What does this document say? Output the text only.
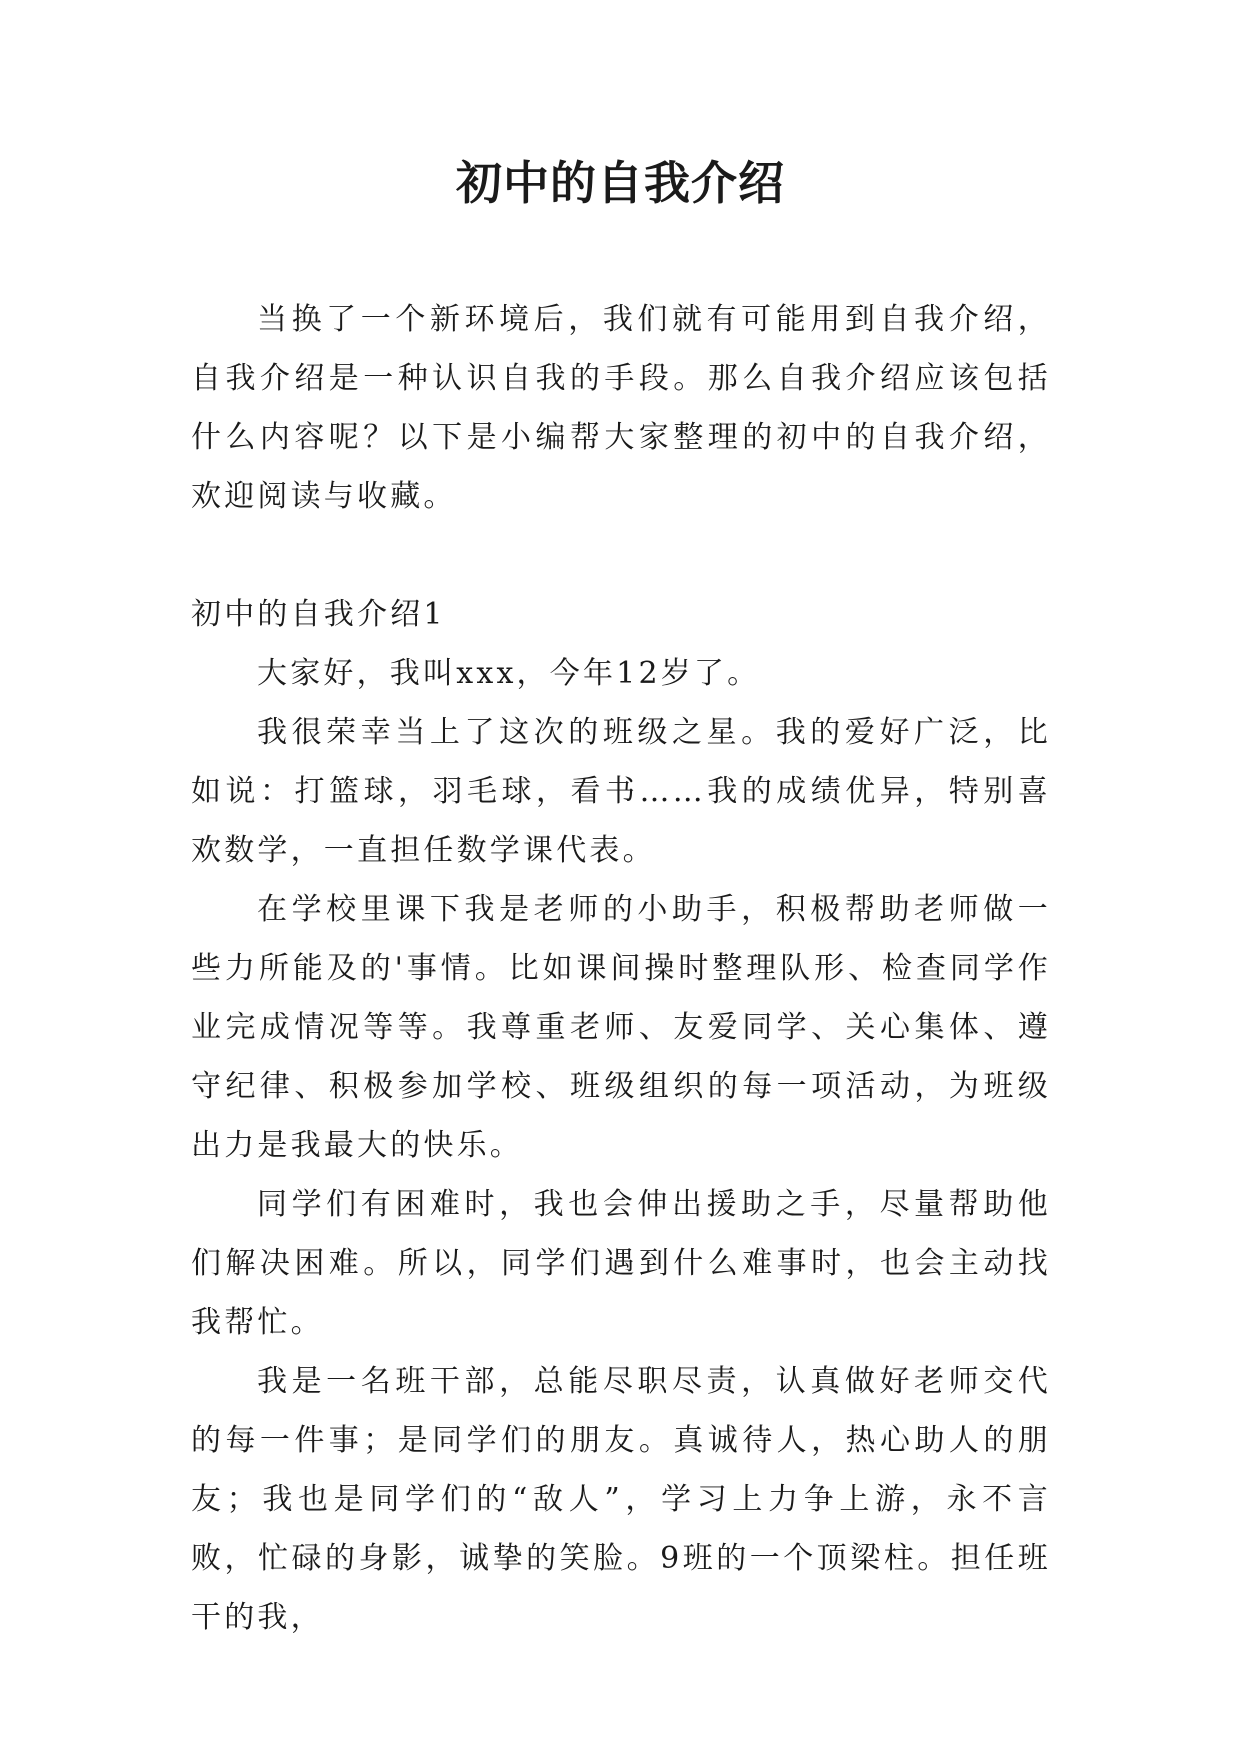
初中的自我介绍

当换了一个新环境后，我们就有可能用到自我介绍，自我介绍是一种认识自我的手段。那么自我介绍应该包括什么内容呢？以下是小编帮大家整理的初中的自我介绍，欢迎阅读与收藏。

初中的自我介绍1

大家好，我叫xxx，今年12岁了。

我很荣幸当上了这次的班级之星。我的爱好广泛，比如说：打篮球，羽毛球，看书……我的成绩优异，特别喜欢数学，一直担任数学课代表。

在学校里课下我是老师的小助手，积极帮助老师做一些力所能及的'事情。比如课间操时整理队形、检查同学作业完成情况等等。我尊重老师、友爱同学、关心集体、遵守纪律、积极参加学校、班级组织的每一项活动，为班级出力是我最大的快乐。

同学们有困难时，我也会伸出援助之手，尽量帮助他们解决困难。所以，同学们遇到什么难事时，也会主动找我帮忙。

我是一名班干部，总能尽职尽责，认真做好老师交代的每一件事；是同学们的朋友。真诚待人，热心助人的朋友；我也是同学们的“敌人”，学习上力争上游，永不言败，忙碌的身影，诚挚的笑脸。9班的一个顶梁柱。担任班干的我，
